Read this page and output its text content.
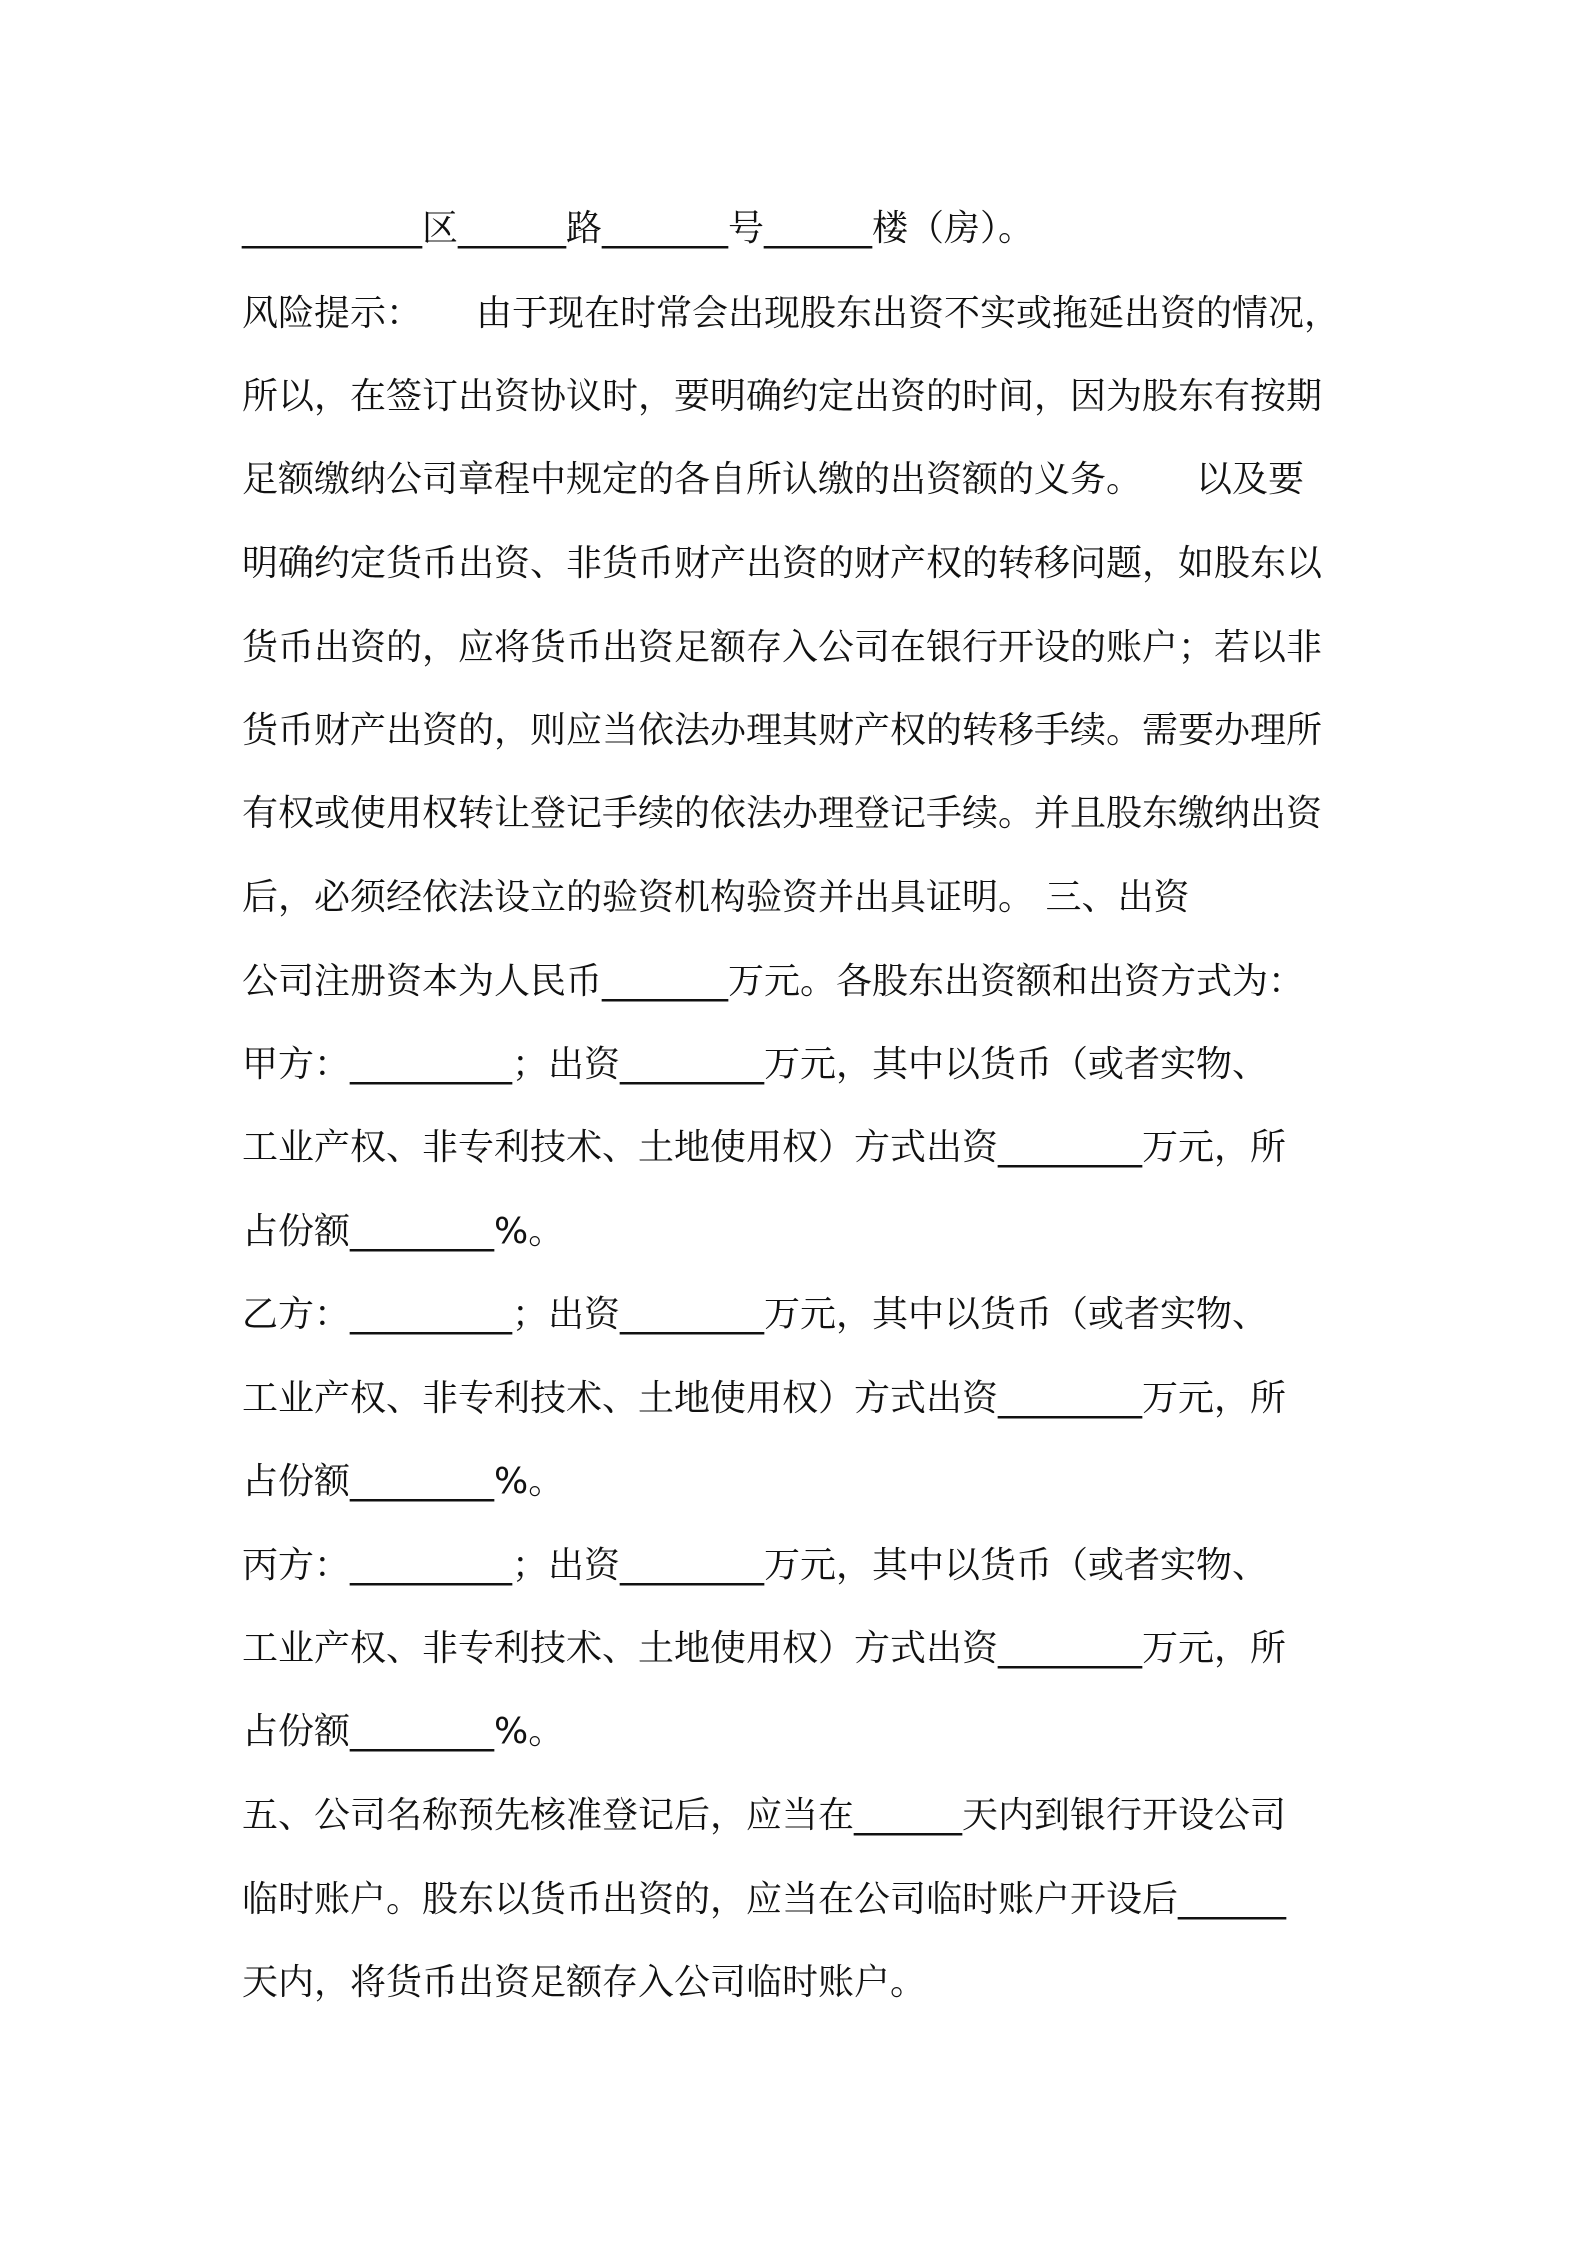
__________区______路_______号______楼（房）。
风险提示：　　由于现在时常会出现股东出资不实或拖延出资的情况，
所以，在签订出资协议时，要明确约定出资的时间，因为股东有按期
足额缴纳公司章程中规定的各自所认缴的出资额的义务。　　以及要
明确约定货币出资、非货币财产出资的财产权的转移问题，如股东以
货币出资的，应将货币出资足额存入公司在银行开设的账户；若以非
货币财产出资的，则应当依法办理其财产权的转移手续。需要办理所
有权或使用权转让登记手续的依法办理登记手续。并且股东缴纳出资
后，必须经依法设立的验资机构验资并出具证明。 三、出资
公司注册资本为人民币_______万元。各股东出资额和出资方式为：
甲方：_________；出资________万元，其中以货币（或者实物、
工业产权、非专利技术、土地使用权）方式出资________万元，所
占份额________%。
乙方：_________；出资________万元，其中以货币（或者实物、
工业产权、非专利技术、土地使用权）方式出资________万元，所
占份额________%。
丙方：_________；出资________万元，其中以货币（或者实物、
工业产权、非专利技术、土地使用权）方式出资________万元，所
占份额________%。
五、公司名称预先核准登记后，应当在______天内到银行开设公司
临时账户。股东以货币出资的，应当在公司临时账户开设后______
天内，将货币出资足额存入公司临时账户。
